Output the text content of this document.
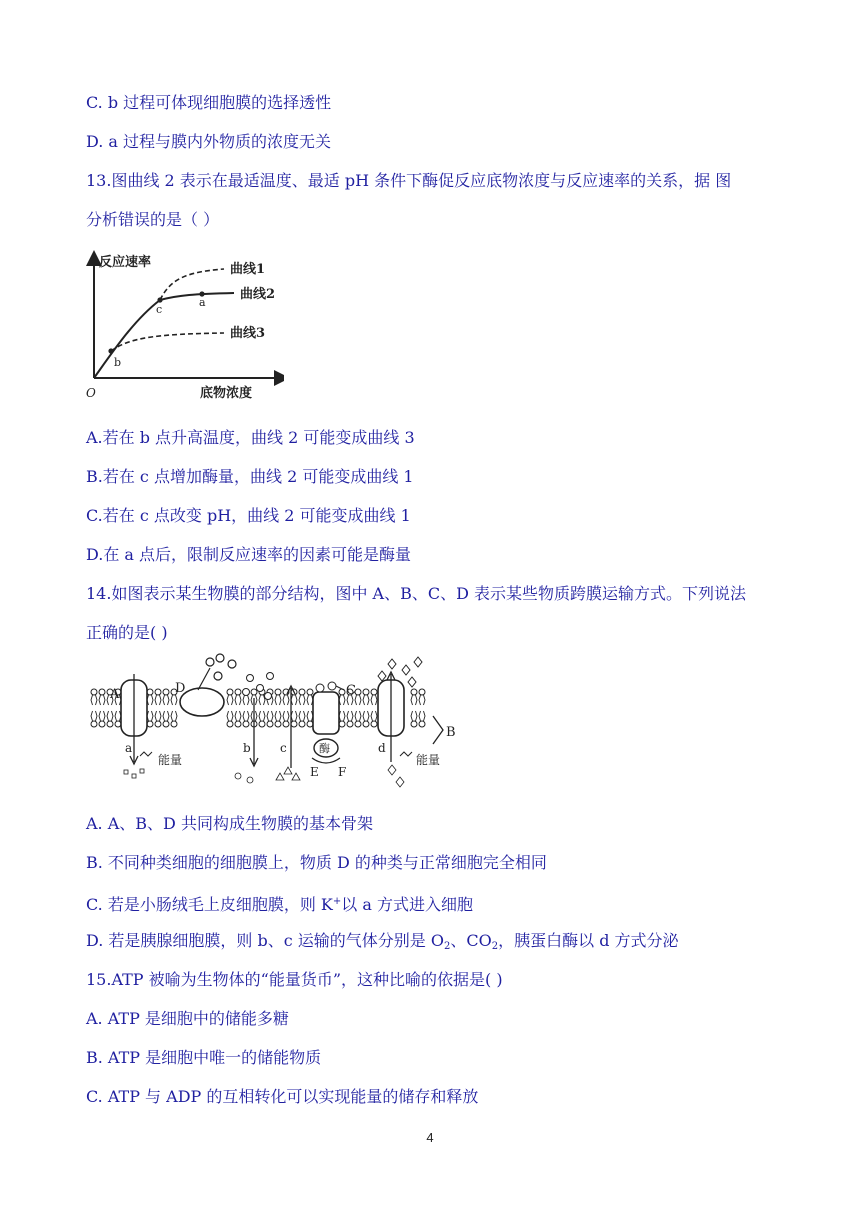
C. b 过程可体现细胞膜的选择透性
D. a 过程与膜内外物质的浓度无关
13.图曲线 2 表示在最适温度、最适 pH 条件下酶促反应底物浓度与反应速率的关系，据 图
分析错误的是（ ）
反应速率
底物浓度
O
c
b
a
曲线1
曲线2
曲线3
A.若在 b 点升高温度，曲线 2 可能变成曲线 3
B.若在 c 点增加酶量，曲线 2 可能变成曲线 1
C.若在 c 点改变 pH，曲线 2 可能变成曲线 1
D.在 a 点后，限制反应速率的因素可能是酶量
14.如图表示某生物膜的部分结构，图中 A、B、C、D 表示某些物质跨膜运输方式。下列说法
正确的是( )
A	D	C
B
a	b c	d
E F
酶
能量	能量
A. A、B、D 共同构成生物膜的基本骨架
B. 不同种类细胞的细胞膜上，物质 D 的种类与正常细胞完全相同
C. 若是小肠绒毛上皮细胞膜，则 K+以 a 方式进入细胞
D. 若是胰腺细胞膜，则 b、c 运输的气体分别是 $O_2$、$CO_2$，胰蛋白酶以 d 方式分泌
15.ATP 被喻为生物体的“能量货币”，这种比喻的依据是( )
A. ATP 是细胞中的储能多糖
B. ATP 是细胞中唯一的储能物质
C. ATP 与 ADP 的互相转化可以实现能量的储存和释放
4
